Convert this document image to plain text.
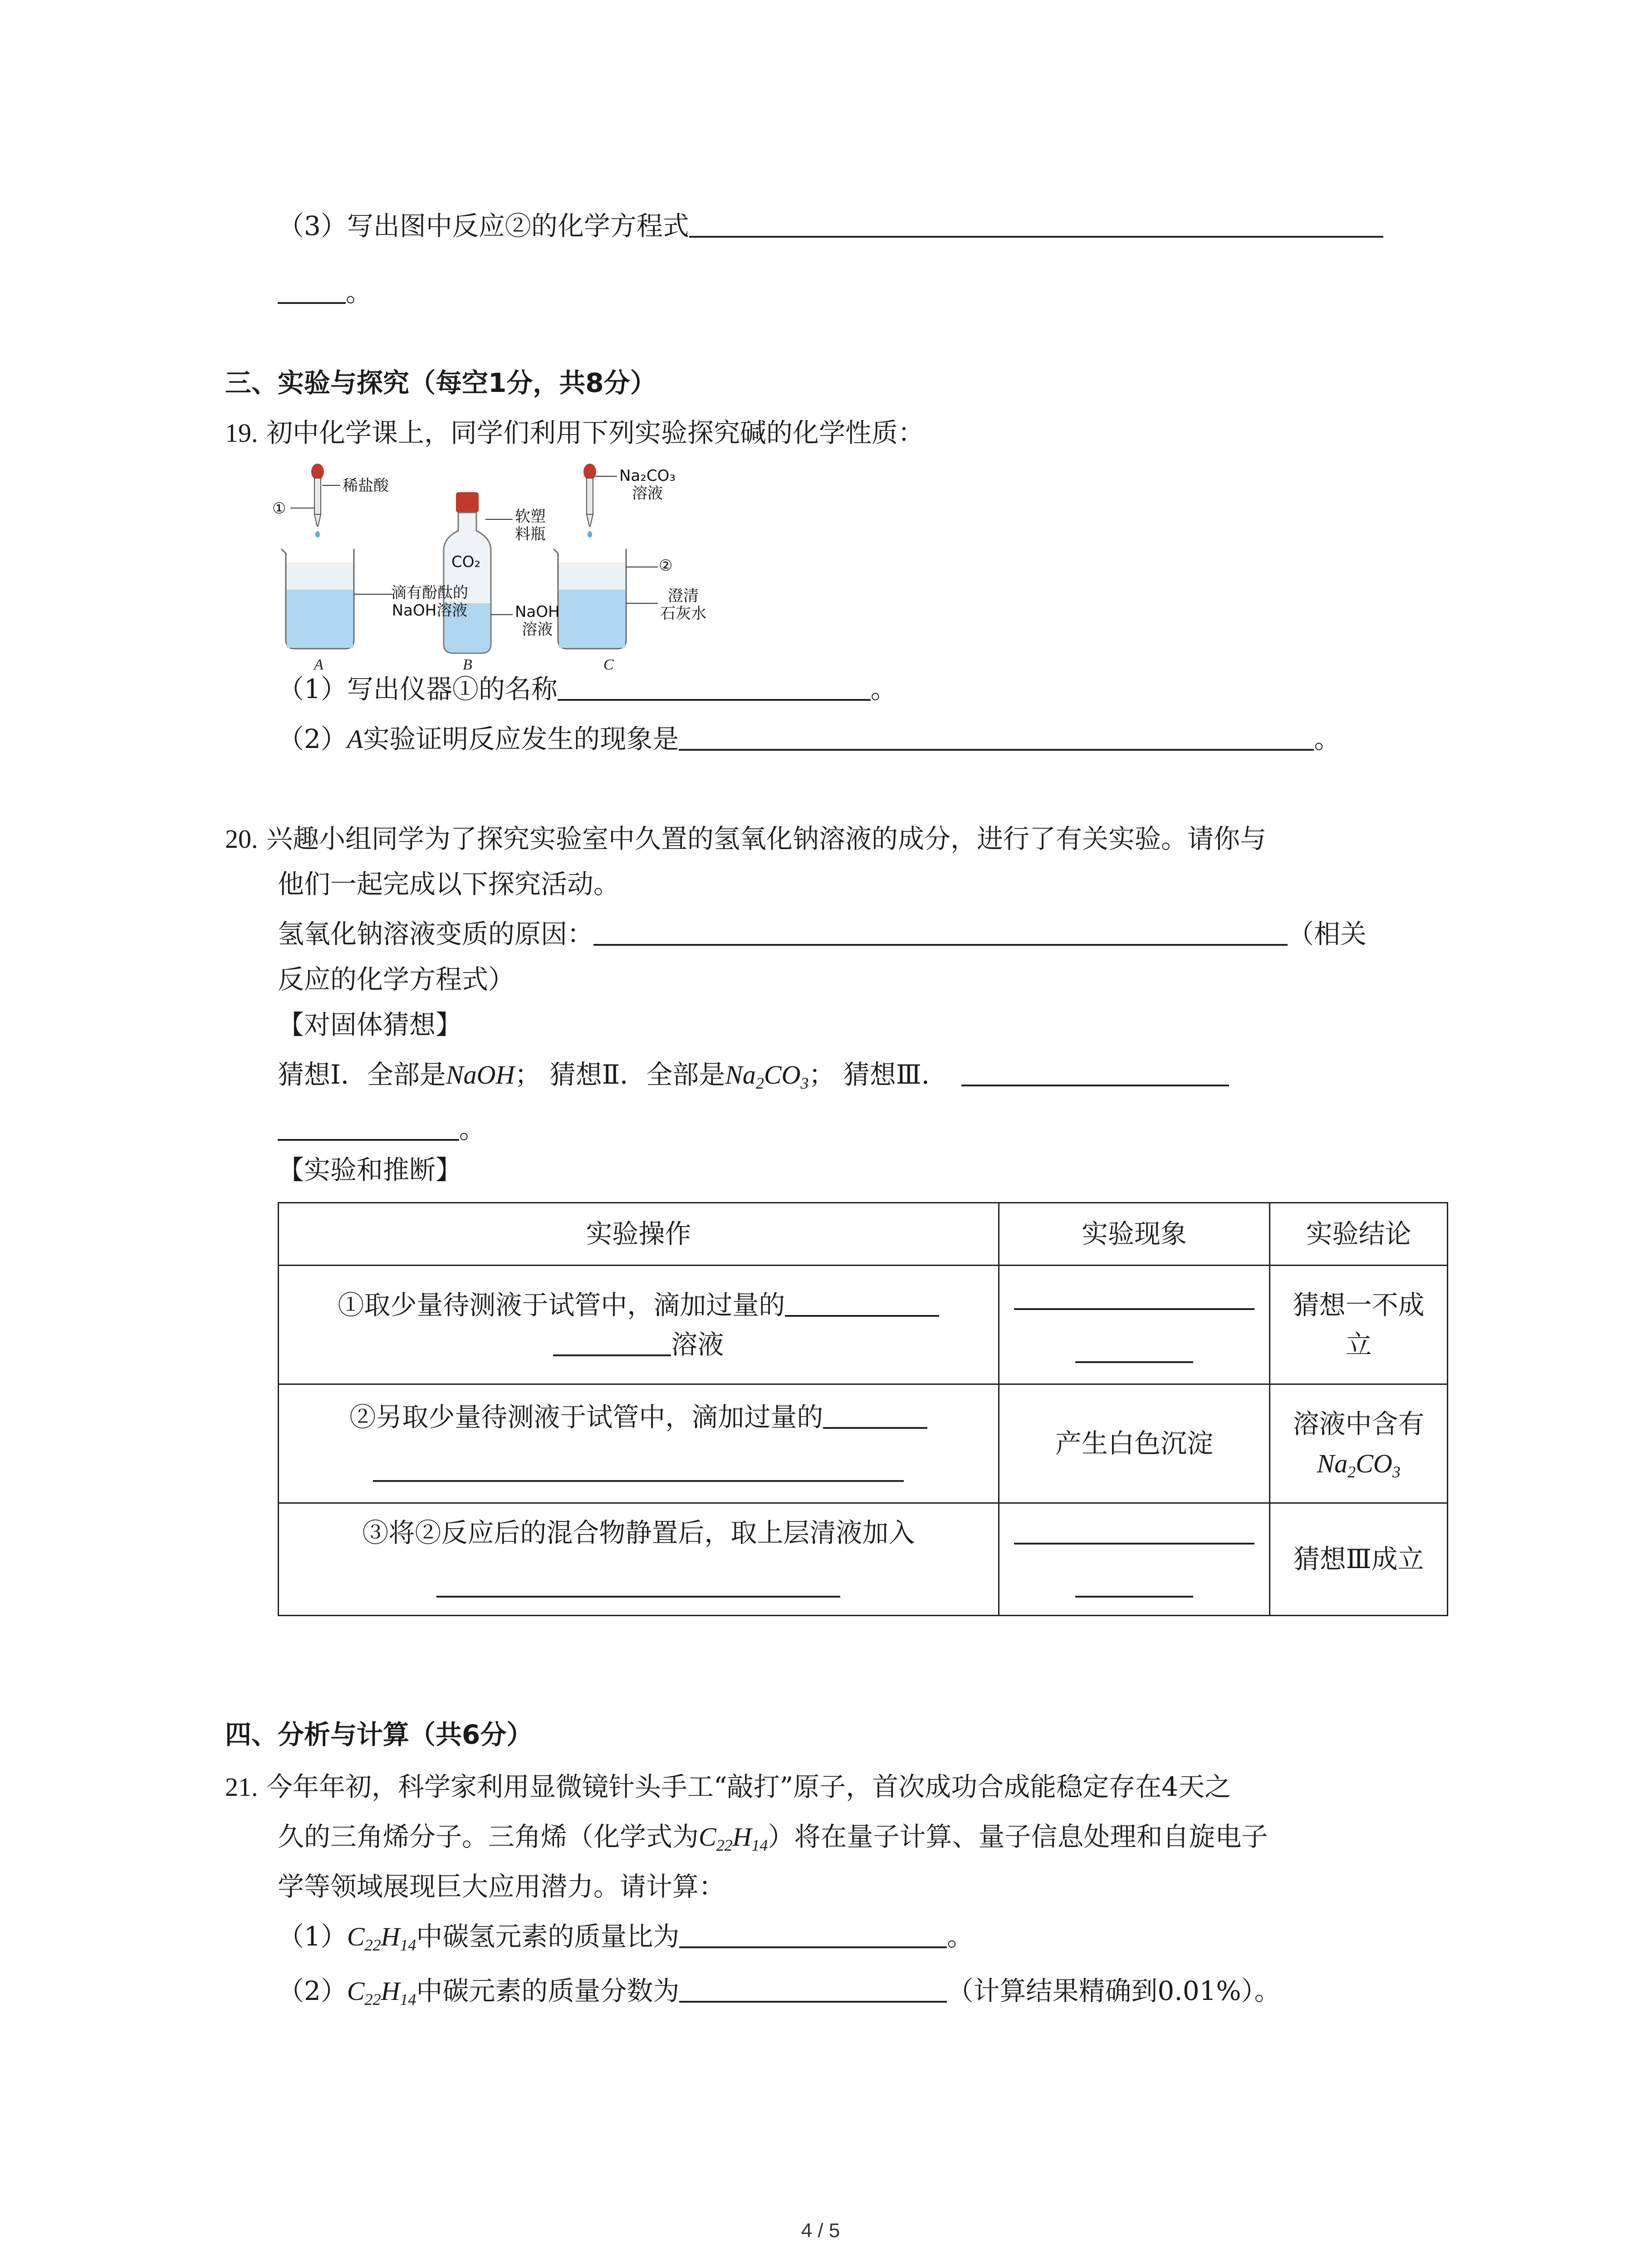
（3）写出图中反应②的化学方程式
。
三、实验与探究（每空1分，共8分）
19. 初中化学课上，同学们利用下列实验探究碱的化学性质：
①
稀盐酸
滴有酚酞的
NaOH溶液
CO₂
软塑
料瓶
NaOH
溶液
Na₂CO₃
溶液
②
澄清
石灰水
A	B	C
（1）写出仪器①的名称	。
（2）A实验证明反应发生的现象是	。
20. 兴趣小组同学为了探究实验室中久置的氢氧化钠溶液的成分，进行了有关实验。请你与
他们一起完成以下探究活动。
氢氧化钠溶液变质的原因：	（相关
反应的化学方程式）
【对固体猜想】
猜想Ⅰ．全部是NaOH； 猜想Ⅱ．全部是$Na_2CO_3$； 猜想Ⅲ．
。
【实验和推断】
实验操作	实验现象	实验结论

①取少量待测液于试管中，滴加过量的
溶液		猜想一不成立

②另取少量待测液于试管中，滴加过量的	产生白色沉淀	溶液中含有
$Na_2CO_3$

③将②反应后的混合物静置后，取上层清液加入		猜想Ⅲ成立
四、分析与计算（共6分）
21. 今年年初，科学家利用显微镜针头手工“敲打”原子，首次成功合成能稳定存在4天之
久的三角烯分子。三角烯（化学式为$C_{22}H_{14}$）将在量子计算、量子信息处理和自旋电子
学等领域展现巨大应用潜力。请计算：
$(1)C_{22}H_{14}$中碳氢元素的质量比为	。
$(2)C_{22}H_{14}$中碳元素的质量分数为	（计算结果精确到0.01%）。
4 / 5
